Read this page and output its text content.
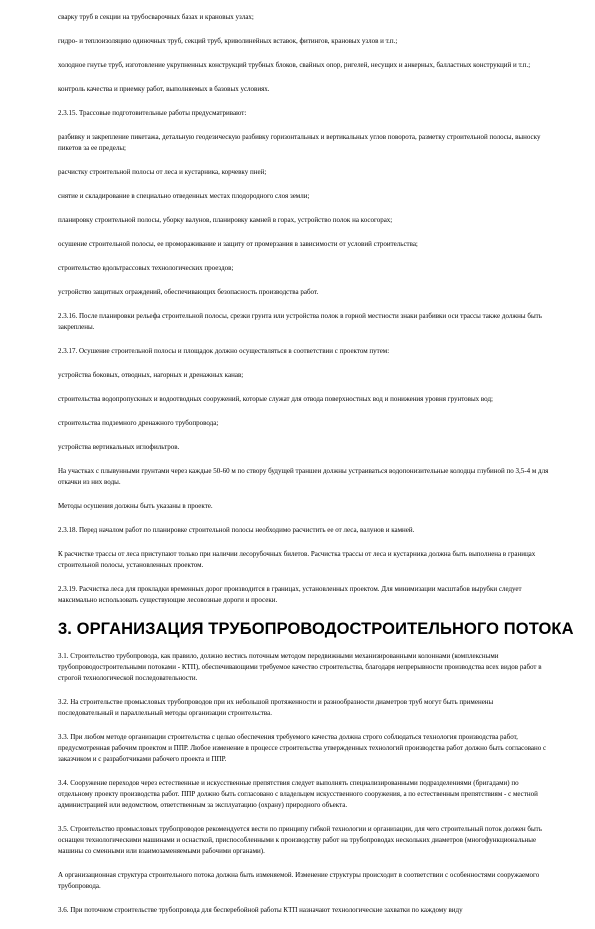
сварку труб в секции на трубосварочных базах и крановых узлах;

гидро- и теплоизоляцию одиночных труб, секций труб, криволинейных вставок, фитингов, крановых узлов и т.п.;

холодное гнутье труб, изготовление укрупненных конструкций трубных блоков, свайных опор, ригелей, несущих и анкерных, балластных конструкций и т.п.;

контроль качества и приемку работ, выполняемых в базовых условиях.

2.3.15. Трассовые подготовительные работы предусматривают:

разбивку и закрепление пикетажа, детальную геодезическую разбивку горизонтальных и вертикальных углов поворота, разметку строительной полосы, выноску пикетов за ее пределы;

расчистку строительной полосы от леса и кустарника, корчевку пней;

снятие и складирование в специально отведенных местах плодородного слоя земли;

планировку строительной полосы, уборку валунов, планировку камней в горах, устройство полок на косогорах;

осушение строительной полосы, ее промораживание и защиту от промерзания в зависимости от условий строительства;

строительство вдольтрассовых технологических проездов;

устройство защитных ограждений, обеспечивающих безопасность производства работ.

2.3.16. После планировки рельефа строительной полосы, срезки грунта или устройства полок в горной местности знаки разбивки оси трассы также должны быть закреплены.

2.3.17. Осушение строительной полосы и площадок должно осуществляться в соответствии с проектом путем:

устройства боковых, отводных, нагорных и дренажных канав;

строительства водопропускных и водоотводных сооружений, которые служат для отвода поверхностных вод и понижения уровня грунтовых вод;

строительства подземного дренажного трубопровода;

устройства вертикальных иглофильтров.

На участках с плывунными грунтами через каждые 50-60 м по створу будущей траншеи должны устраиваться водопонизительные колодцы глубиной по 3,5-4 м для откачки из них воды.

Методы осушения должны быть указаны в проекте.

2.3.18. Перед началом работ по планировке строительной полосы необходимо расчистить ее от леса, валунов и камней.

К расчистке трассы от леса приступают только при наличии лесорубочных билетов. Расчистка трассы от леса и кустарника должна быть выполнена в границах строительной полосы, установленных проектом.

2.3.19. Расчистка леса для прокладки временных дорог производится в границах, установленных проектом. Для минимизации масштабов вырубки следует максимально использовать существующие лесовозные дороги и просеки.

3. ОРГАНИЗАЦИЯ ТРУБОПРОВОДОСТРОИТЕЛЬНОГО ПОТОКА

3.1. Строительство трубопровода, как правило, должно вестись поточным методом передвижными механизированными колоннами (комплексными трубопроводостроительными потоками - КТП), обеспечивающими требуемое качество строительства, благодаря непрерывности производства всех видов работ в строгой технологической последовательности.

3.2. На строительстве промысловых трубопроводов при их небольшой протяженности и разнообразности диаметров труб могут быть применены последовательный и параллельный методы организации строительства.

3.3. При любом методе организации строительства с целью обеспечения требуемого качества должна строго соблюдаться технология производства работ, предусмотренная рабочим проектом и ППР. Любое изменение в процессе строительства утвержденных технологий производства работ должно быть согласовано с заказчиком и с разработчиками рабочего проекта и ППР.

3.4. Сооружение переходов через естественные и искусственные препятствия следует выполнять специализированными подразделениями (бригадами) по отдельному проекту производства работ. ППР должно быть согласовано с владельцем искусственного сооружения, а по естественным препятствиям - с местной администрацией или ведомством, ответственным за эксплуатацию (охрану) природного объекта.

3.5. Строительство промысловых трубопроводов рекомендуется вести по принципу гибкой технологии и организации, для чего строительный поток должен быть оснащен технологическими машинами и оснасткой, приспособленными к производству работ на трубопроводах нескольких диаметров (многофункциональные машины со сменными или взаимозаменяемыми рабочими органами).

А организационная структура строительного потока должна быть изменяемой. Изменение структуры происходит в соответствии с особенностями сооружаемого трубопровода.

3.6. При поточном строительстве трубопровода для бесперебойной работы КТП назначают технологические захватки по каждому виду
